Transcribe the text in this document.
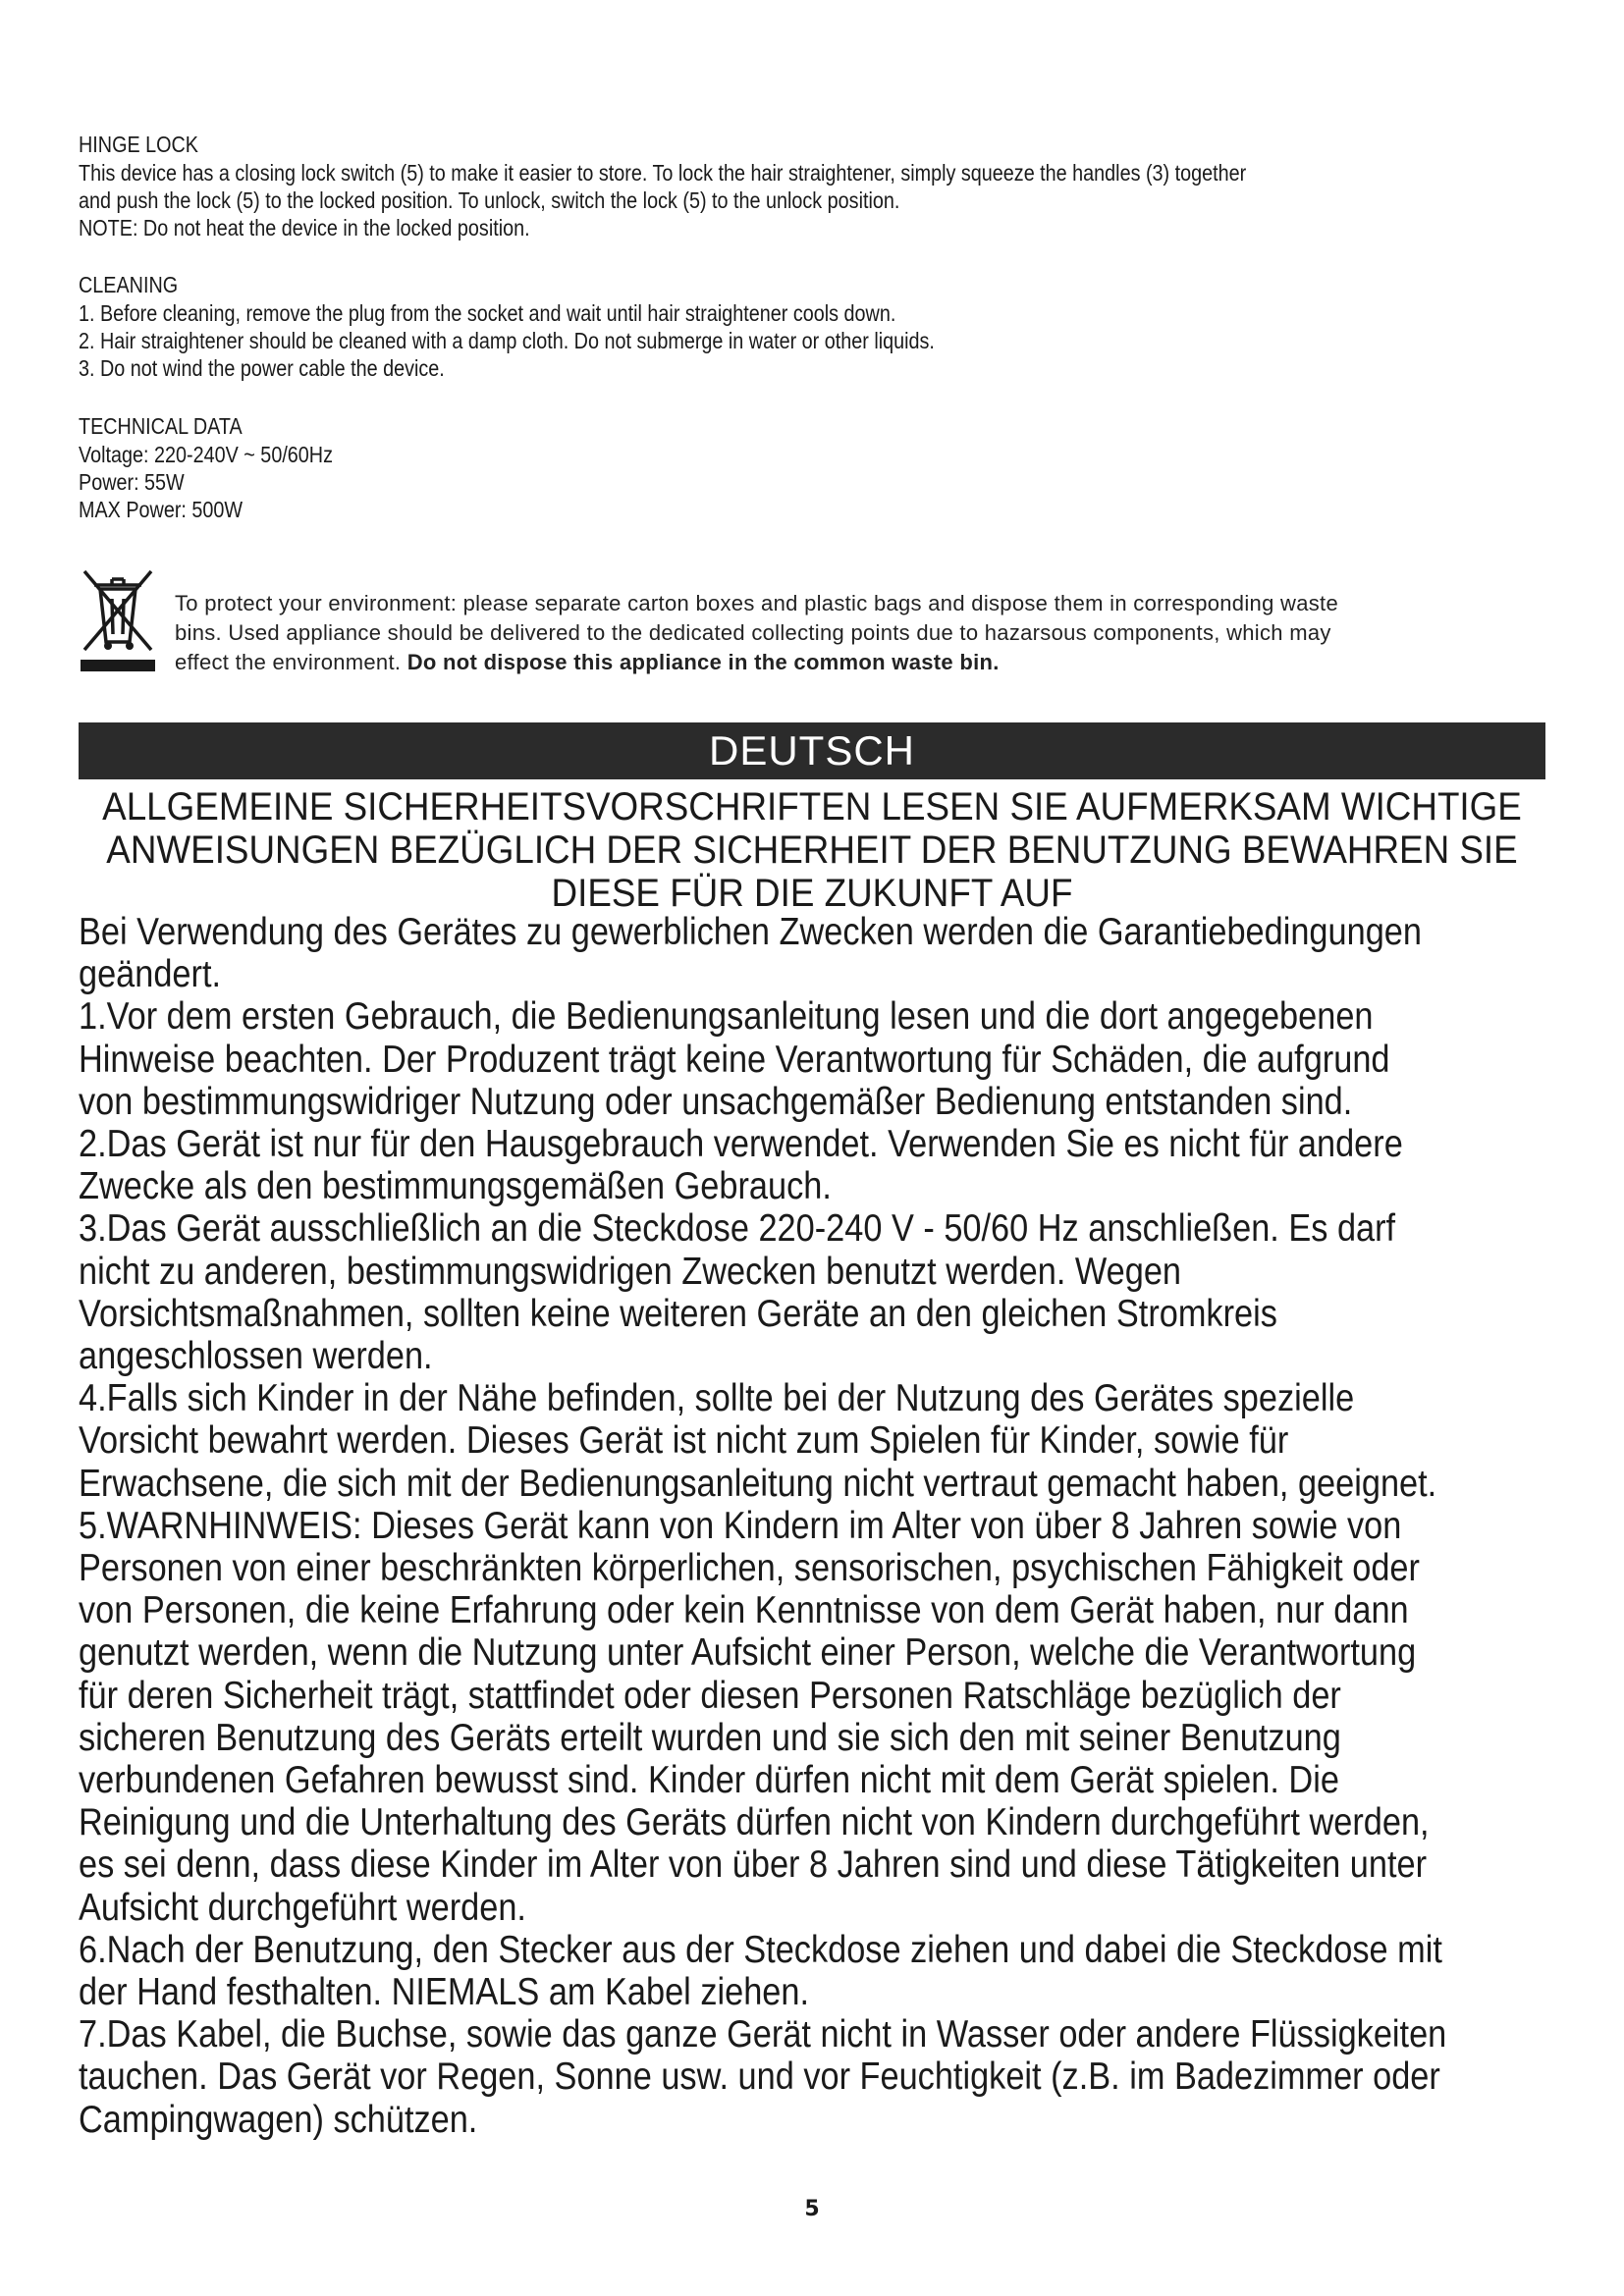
HINGE LOCK

This device has a closing lock switch (5) to make it easier to store. To lock the hair straightener, simply squeeze the handles (3) together

and push the lock (5) to the locked position. To unlock, switch the lock (5) to the unlock position.

NOTE: Do not heat the device in the locked position.

CLEANING

1. Before cleaning, remove the plug from the socket and wait until hair straightener cools down.

2. Hair straightener should be cleaned with a damp cloth. Do not submerge in water or other liquids.

3. Do not wind the power cable the device.

TECHNICAL DATA

Voltage: 220-240V ~ 50/60Hz

Power: 55W

MAX Power: 500W

To protect your environment: please separate carton boxes and plastic bags and dispose them in corresponding waste

bins. Used appliance should be delivered to the dedicated collecting points due to hazarsous components, which may

effect the environment. Do not dispose this appliance in the common waste bin.

DEUTSCH

ALLGEMEINE SICHERHEITSVORSCHRIFTEN LESEN SIE AUFMERKSAM WICHTIGE

ANWEISUNGEN BEZÜGLICH DER SICHERHEIT DER BENUTZUNG BEWAHREN SIE

DIESE FÜR DIE ZUKUNFT AUF

Bei Verwendung des Gerätes zu gewerblichen Zwecken werden die Garantiebedingungen

geändert.

1.Vor dem ersten Gebrauch, die Bedienungsanleitung lesen und die dort angegebenen

Hinweise beachten. Der Produzent trägt keine Verantwortung für Schäden, die aufgrund

von bestimmungswidriger Nutzung oder unsachgemäßer Bedienung entstanden sind.

2.Das Gerät ist nur für den Hausgebrauch verwendet. Verwenden Sie es nicht für andere

Zwecke als den bestimmungsgemäßen Gebrauch.

3.Das Gerät ausschließlich an die Steckdose 220-240 V - 50/60 Hz anschließen. Es darf

nicht zu anderen, bestimmungswidrigen Zwecken benutzt werden. Wegen

Vorsichtsmaßnahmen, sollten keine weiteren Geräte an den gleichen Stromkreis

angeschlossen werden.

4.Falls sich Kinder in der Nähe befinden, sollte bei der Nutzung des Gerätes spezielle

Vorsicht bewahrt werden. Dieses Gerät ist nicht zum Spielen für Kinder, sowie für

Erwachsene, die sich mit der Bedienungsanleitung nicht vertraut gemacht haben, geeignet.

5.WARNHINWEIS: Dieses Gerät kann von Kindern im Alter von über 8 Jahren sowie von

Personen von einer beschränkten körperlichen, sensorischen, psychischen Fähigkeit oder

von Personen, die keine Erfahrung oder kein Kenntnisse von dem Gerät haben, nur dann

genutzt werden, wenn die Nutzung unter Aufsicht einer Person, welche die Verantwortung

für deren Sicherheit trägt, stattfindet oder diesen Personen Ratschläge bezüglich der

sicheren Benutzung des Geräts erteilt wurden und sie sich den mit seiner Benutzung

verbundenen Gefahren bewusst sind. Kinder dürfen nicht mit dem Gerät spielen. Die

Reinigung und die Unterhaltung des Geräts dürfen nicht von Kindern durchgeführt werden,

es sei denn, dass diese Kinder im Alter von über 8 Jahren sind und diese Tätigkeiten unter

Aufsicht durchgeführt werden.

6.Nach der Benutzung, den Stecker aus der Steckdose ziehen und dabei die Steckdose mit

der Hand festhalten. NIEMALS am Kabel ziehen.

7.Das Kabel, die Buchse, sowie das ganze Gerät nicht in Wasser oder andere Flüssigkeiten

tauchen. Das Gerät vor Regen, Sonne usw. und vor Feuchtigkeit (z.B. im Badezimmer oder

Campingwagen) schützen.

5
